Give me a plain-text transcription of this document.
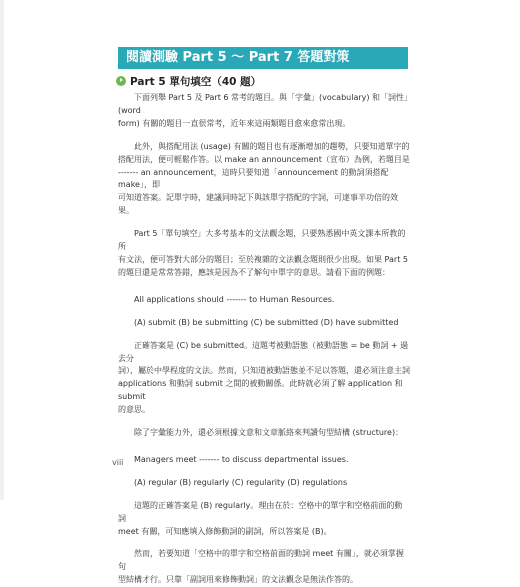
閱讀測驗 Part 5 ～ Part 7 答題對策
Part 5 單句填空（40 題）

下面列舉 Part 5 及 Part 6 常考的題目。與「字彙」(vocabulary) 和「詞性」(word

form) 有關的題目一直很常考，近年來這兩類題目愈來愈常出現。

此外，與搭配用法 (usage) 有關的題目也有逐漸增加的趨勢，只要知道單字的

搭配用法，便可輕鬆作答。以 make an announcement（宣布）為例，若題目是

------- an announcement，這時只要知道「announcement 的動詞須搭配 make」，即

可知道答案。記單字時，建議同時記下與該單字搭配的字詞，可達事半功倍的效果。

Part 5「單句填空」大多考基本的文法觀念題，只要熟悉國中英文課本所教的所

有文法，便可答對大部分的題目；至於複雜的文法觀念題則很少出現。如果 Part 5

的題目還是常常答錯，應該是因為不了解句中單字的意思。請看下面的例題：

All applications should ------- to Human Resources.

(A) submit (B) be submitting (C) be submitted (D) have submitted

正確答案是 (C) be submitted。這題考被動語態（被動語態 = be 動詞 + 過去分

詞），屬於中學程度的文法。然而，只知道被動語態並不足以答題，還必須注意主詞

applications 和動詞 submit 之間的被動關係。此時就必須了解 application 和 submit

的意思。

除了字彙能力外，還必須根據文意和文章脈絡來判讀句型結構 (structure)：

Managers meet ------- to discuss departmental issues.

(A) regular (B) regularly (C) regularity (D) regulations

這題的正確答案是 (B) regularly。理由在於：空格中的單字和空格前面的動詞

meet 有關，可知應填入修飾動詞的副詞，所以答案是 (B)。

然而，若要知道「空格中的單字和空格前面的動詞 meet 有關」，就必須掌握句

型結構才行。只靠「副詞用來修飾動詞」的文法觀念是無法作答的。

viii
